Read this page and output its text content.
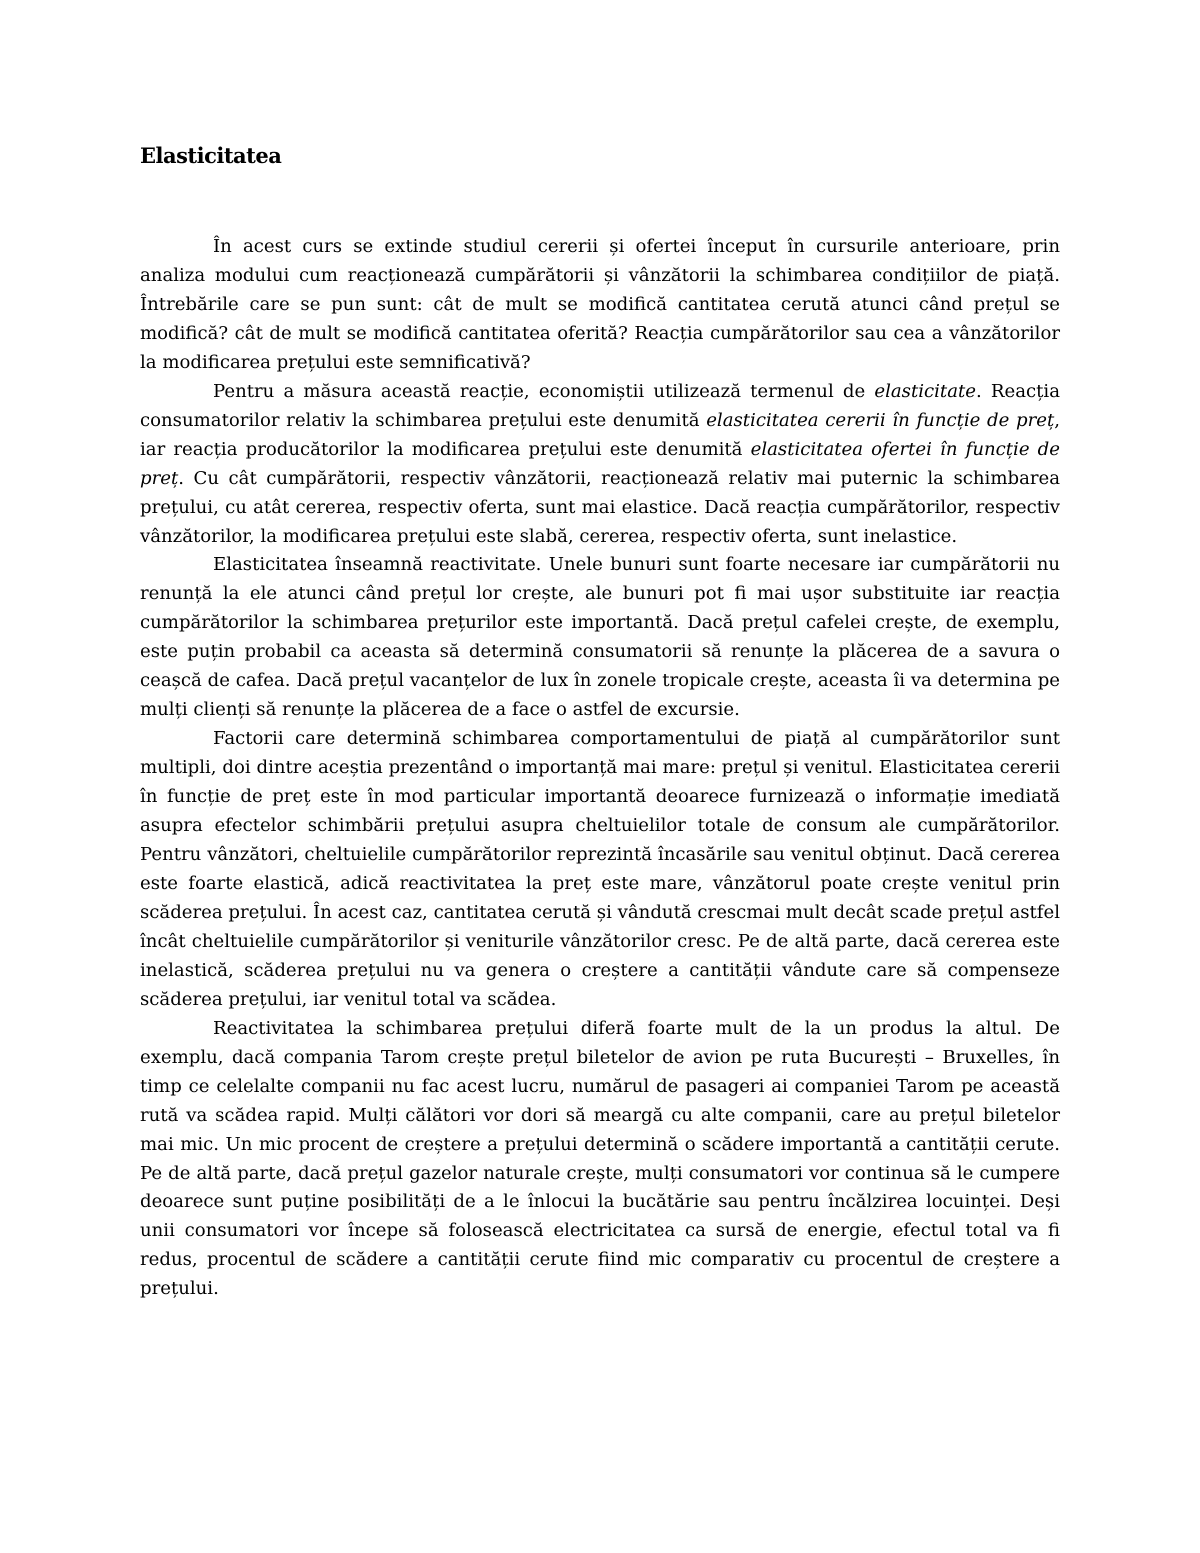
Elasticitatea

În acest curs se extinde studiul cererii și ofertei început în cursurile anterioare, prin analiza modului cum reacționează cumpărătorii și vânzătorii la schimbarea condițiilor de piață. Întrebările care se pun sunt: cât de mult se modifică cantitatea cerută atunci când prețul se modifică? cât de mult se modifică cantitatea oferită? Reacția cumpărătorilor sau cea a vânzătorilor la modificarea prețului este semnificativă?

Pentru a măsura această reacție, economiștii utilizează termenul de elasticitate. Reacția consumatorilor relativ la schimbarea prețului este denumită elasticitatea cererii în funcție de preț, iar reacția producătorilor la modificarea prețului este denumită elasticitatea ofertei în funcție de preț. Cu cât cumpărătorii, respectiv vânzătorii, reacționează relativ mai puternic la schimbarea prețului, cu atât cererea, respectiv oferta, sunt mai elastice. Dacă reacția cumpărătorilor, respectiv vânzătorilor, la modificarea prețului este slabă, cererea, respectiv oferta, sunt inelastice.

Elasticitatea înseamnă reactivitate. Unele bunuri sunt foarte necesare iar cumpărătorii nu renunță la ele atunci când prețul lor crește, ale bunuri pot fi mai ușor substituite iar reacția cumpărătorilor la schimbarea prețurilor este importantă. Dacă prețul cafelei crește, de exemplu, este puțin probabil ca aceasta să determină consumatorii să renunțe la plăcerea de a savura o ceașcă de cafea. Dacă prețul vacanțelor de lux în zonele tropicale crește, aceasta îi va determina pe mulți clienți să renunțe la plăcerea de a face o astfel de excursie.

Factorii care determină schimbarea comportamentului de piață al cumpărătorilor sunt multipli, doi dintre aceștia prezentând o importanță mai mare: prețul și venitul. Elasticitatea cererii în funcție de preț este în mod particular importantă deoarece furnizează o informație imediată asupra efectelor schimbării prețului asupra cheltuielilor totale de consum ale cumpărătorilor. Pentru vânzători, cheltuielile cumpărătorilor reprezintă încasările sau venitul obținut. Dacă cererea este foarte elastică, adică reactivitatea la preț este mare, vânzătorul poate crește venitul prin scăderea prețului. În acest caz, cantitatea cerută și vândută crescmai mult decât scade prețul astfel încât cheltuielile cumpărătorilor și veniturile vânzătorilor cresc. Pe de altă parte, dacă cererea este inelastică, scăderea prețului nu va genera o creștere a cantității vândute care să compenseze scăderea prețului, iar venitul total va scădea.

Reactivitatea la schimbarea prețului diferă foarte mult de la un produs la altul. De exemplu, dacă compania Tarom crește prețul biletelor de avion pe ruta București – Bruxelles, în timp ce celelalte companii nu fac acest lucru, numărul de pasageri ai companiei Tarom pe această rută va scădea rapid. Mulți călători vor dori să meargă cu alte companii, care au prețul biletelor mai mic. Un mic procent de creștere a prețului determină o scădere importantă a cantității cerute. Pe de altă parte, dacă prețul gazelor naturale crește, mulți consumatori vor continua să le cumpere deoarece sunt puține posibilități de a le înlocui la bucătărie sau pentru încălzirea locuinței. Deși unii consumatori vor începe să folosească electricitatea ca sursă de energie, efectul total va fi redus, procentul de scădere a cantității cerute fiind mic comparativ cu procentul de creștere a prețului.
